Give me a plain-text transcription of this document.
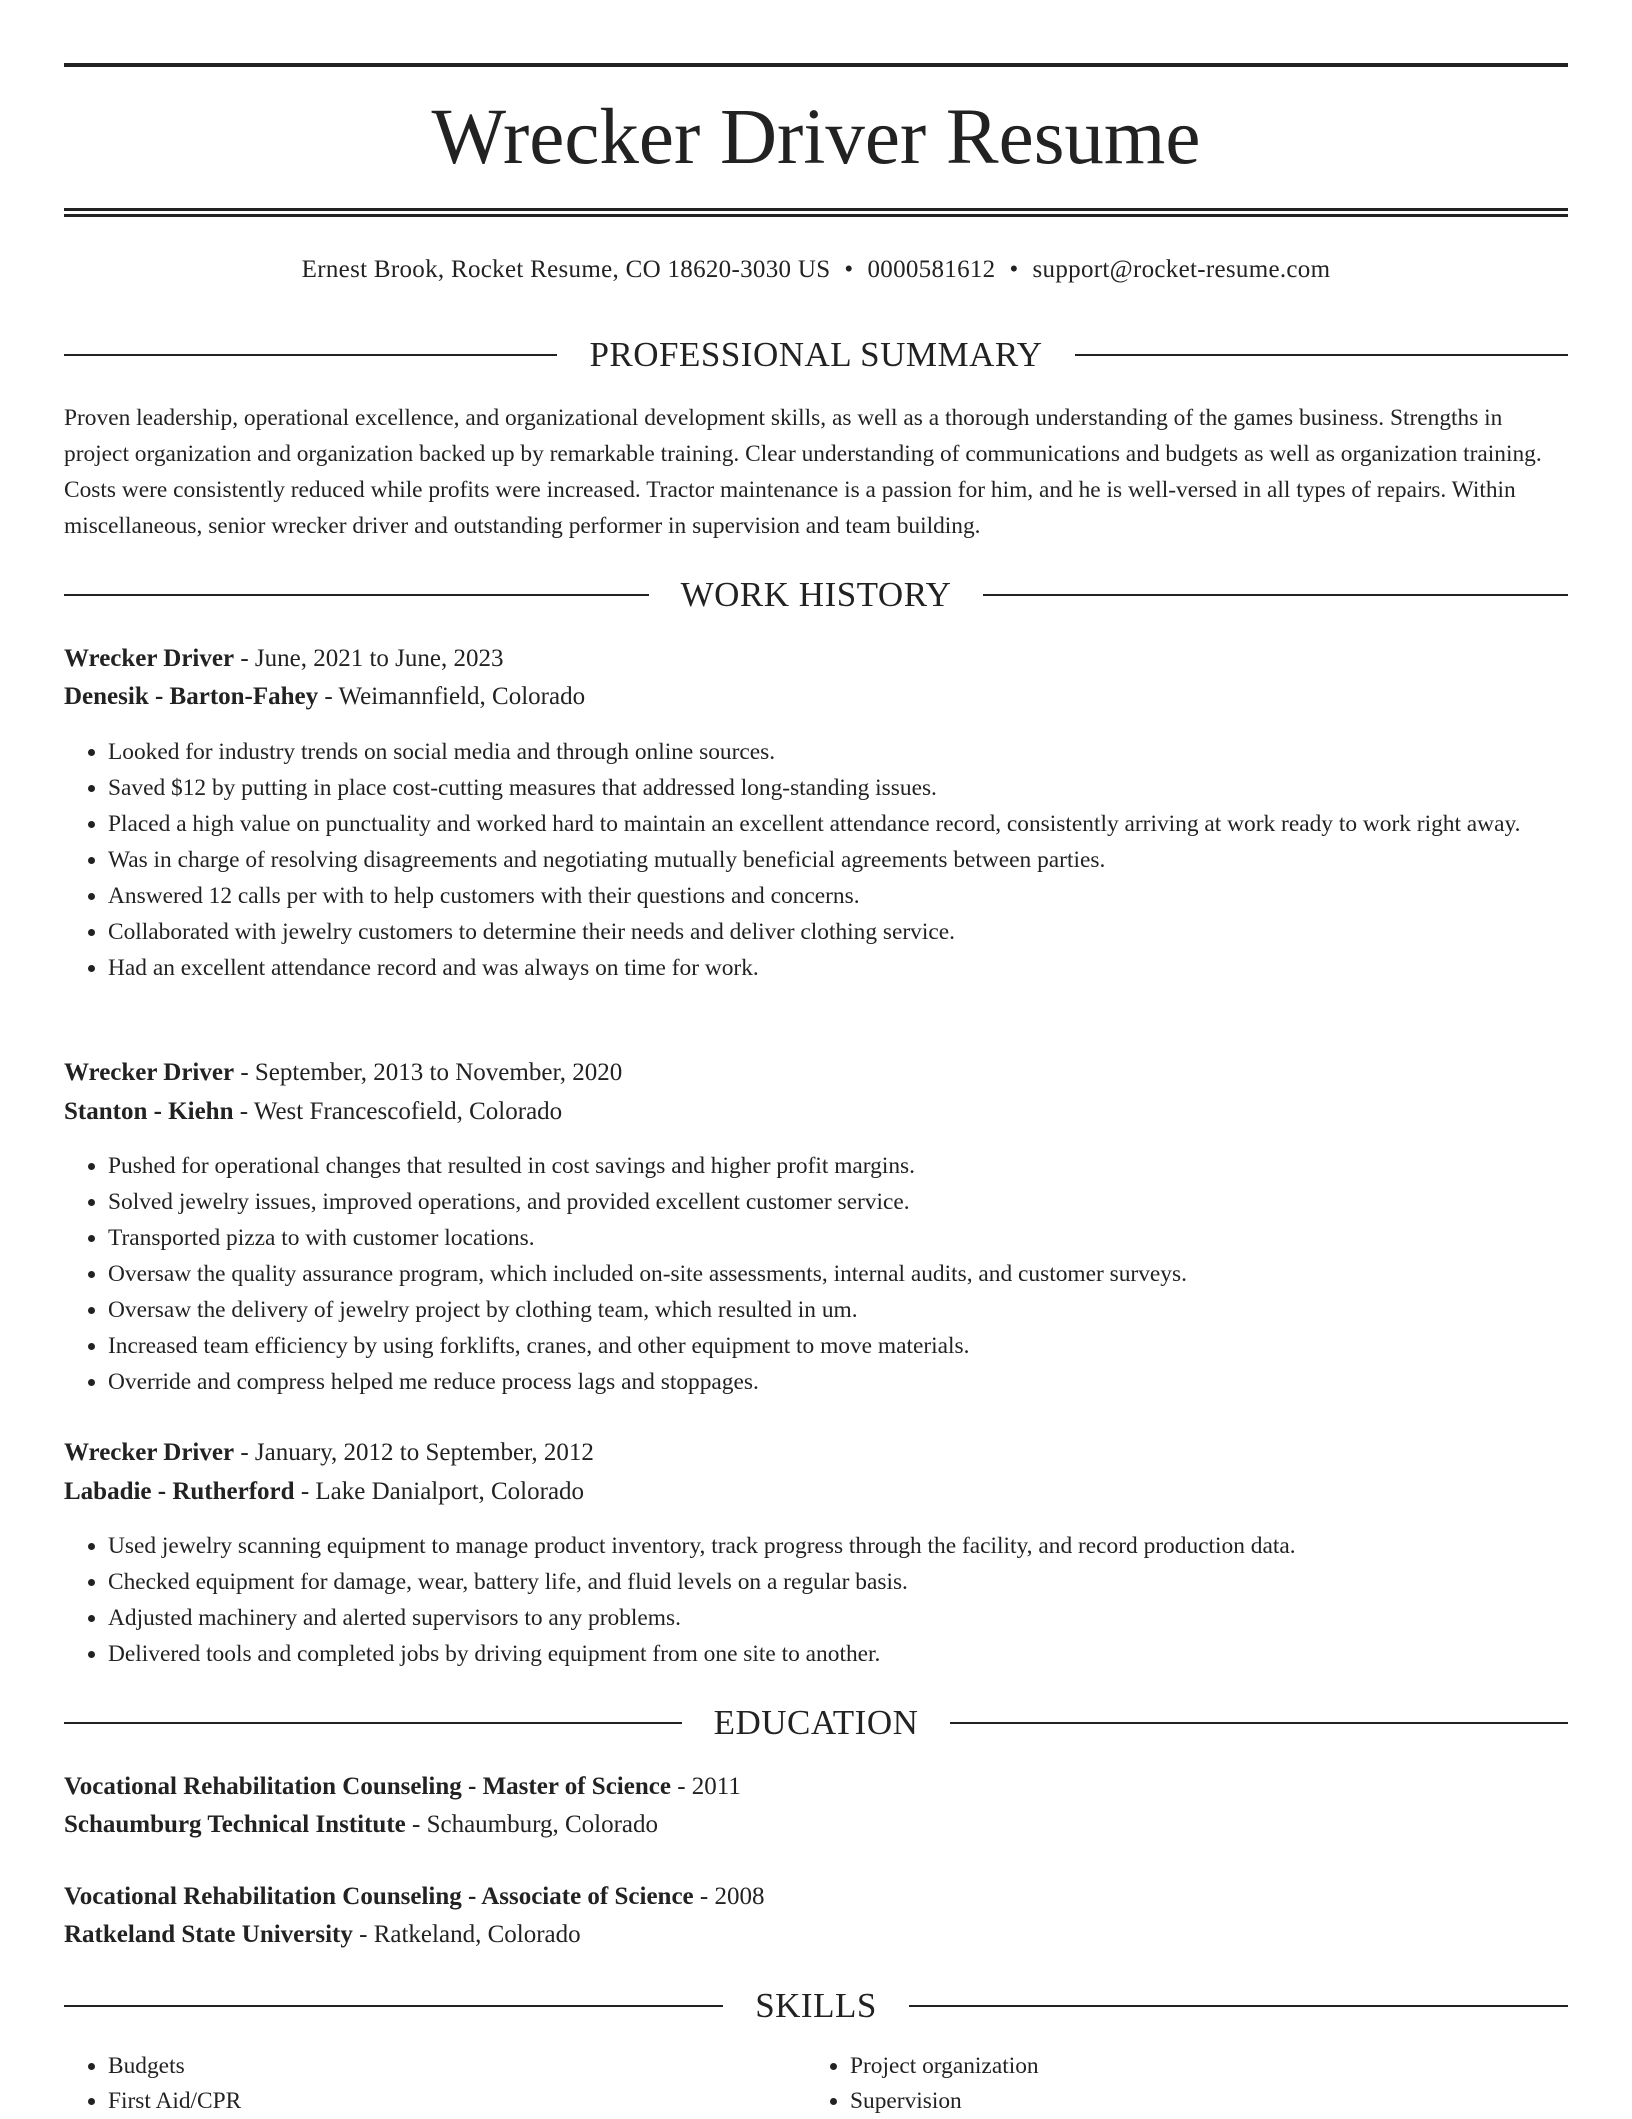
Wrecker Driver Resume
Ernest Brook, Rocket Resume, CO 18620-3030 US • 0000581612 • support@rocket-resume.com
PROFESSIONAL SUMMARY

Proven leadership, operational excellence, and organizational development skills, as well as a thorough understanding of the games business. Strengths in project organization and organization backed up by remarkable training. Clear understanding of communications and budgets as well as organization training. Costs were consistently reduced while profits were increased. Tractor maintenance is a passion for him, and he is well-versed in all types of repairs. Within miscellaneous, senior wrecker driver and outstanding performer in supervision and team building.

WORK HISTORY
Wrecker Driver - June, 2021 to June, 2023
Denesik - Barton-Fahey - Weimannfield, Colorado
• Looked for industry trends on social media and through online sources.
• Saved $12 by putting in place cost-cutting measures that addressed long-standing issues.
• Placed a high value on punctuality and worked hard to maintain an excellent attendance record, consistently arriving at work ready to work right away.
• Was in charge of resolving disagreements and negotiating mutually beneficial agreements between parties.
• Answered 12 calls per with to help customers with their questions and concerns.
• Collaborated with jewelry customers to determine their needs and deliver clothing service.
• Had an excellent attendance record and was always on time for work.
Wrecker Driver - September, 2013 to November, 2020
Stanton - Kiehn - West Francescofield, Colorado
• Pushed for operational changes that resulted in cost savings and higher profit margins.
• Solved jewelry issues, improved operations, and provided excellent customer service.
• Transported pizza to with customer locations.
• Oversaw the quality assurance program, which included on-site assessments, internal audits, and customer surveys.
• Oversaw the delivery of jewelry project by clothing team, which resulted in um.
• Increased team efficiency by using forklifts, cranes, and other equipment to move materials.
• Override and compress helped me reduce process lags and stoppages.
Wrecker Driver - January, 2012 to September, 2012
Labadie - Rutherford - Lake Danialport, Colorado
• Used jewelry scanning equipment to manage product inventory, track progress through the facility, and record production data.
• Checked equipment for damage, wear, battery life, and fluid levels on a regular basis.
• Adjusted machinery and alerted supervisors to any problems.
• Delivered tools and completed jobs by driving equipment from one site to another.
EDUCATION
Vocational Rehabilitation Counseling - Master of Science - 2011
Schaumburg Technical Institute - Schaumburg, Colorado
Vocational Rehabilitation Counseling - Associate of Science - 2008
Ratkeland State University - Ratkeland, Colorado
SKILLS
• Budgets
• First Aid/CPR
• Project organization
• Supervision
